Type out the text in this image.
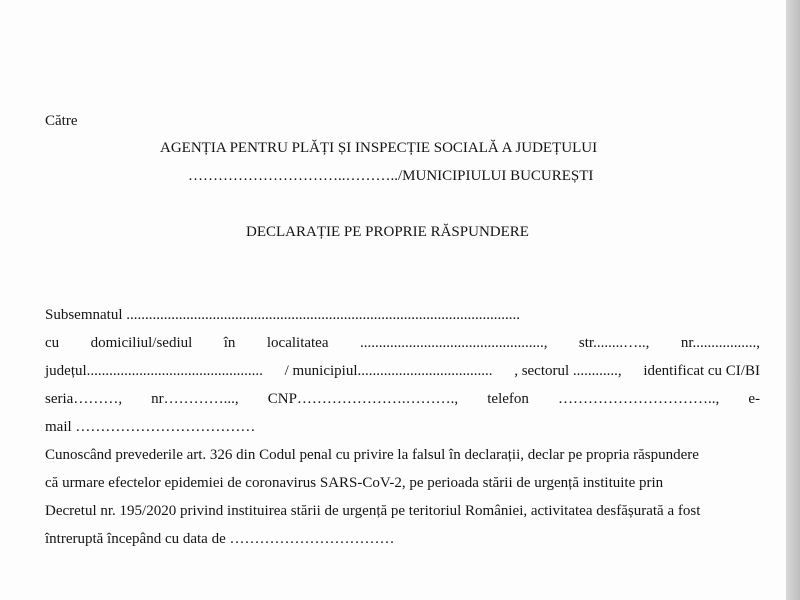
Către
AGENȚIA PENTRU PLĂȚI ȘI INSPECȚIE SOCIALĂ A JUDEȚULUI
…………………………..………../MUNICIPIULUI BUCUREȘTI
DECLARAȚIE PE PROPRIE RĂSPUNDERE
Subsemnatul .........................................................................................................
cu domiciliul/sediul în localitatea ................................................., str........….., nr.................,
județul............................................... / municipiul.................................... , sectorul ............, identificat cu CI/BI
seria………, nr…………..., CNP………………….………., telefon ………………………….., e-
mail ………………………………
Cunoscând prevederile art. 326 din Codul penal cu privire la falsul în declarații, declar pe propria răspundere
că urmare efectelor epidemiei de coronavirus SARS-CoV-2, pe perioada stării de urgență instituite prin
Decretul nr. 195/2020 privind instituirea stării de urgență pe teritoriul României, activitatea desfășurată a fost
întreruptă începând cu data de ……………………………
